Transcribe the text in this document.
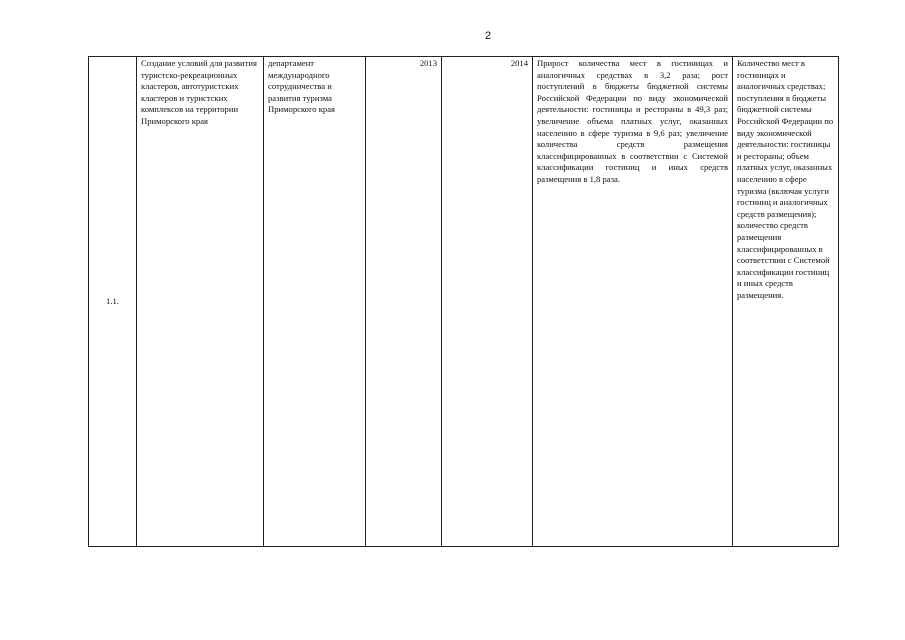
2
1.1.	Создание условий для развития туристско-рекреационных кластеров, автотуристских кластеров и туристских комплексов на территории Приморского края	департамент международного сотрудничества и развития туризма Приморского края	2013	2014	Прирост количества мест в гостиницах и аналогичных средствах в 3,2 раза; рост поступлений в бюджеты бюджетной системы Российской Федерации по виду экономической деятельности: гостиницы и рестораны в 49,3 раз; увеличение объема платных услуг, оказанных населению в сфере туризма в 9,6 раз; увеличение количества средств размещения классифицированных в соответствии с Системой классификации гостиниц и иных средств размещения в 1,8 раза.	Количество мест в гостиницах и аналогичных средствах; поступления в бюджеты бюджетной системы Российской Федерации по виду экономической деятельности: гостиницы и рестораны; объем платных услуг, оказанных населению в сфере туризма (включая услуги гостиниц и аналогичных средств размещения); количество средств размещения классифицированных в соответствии с Системой классификации гостиниц и иных средств размещения.
